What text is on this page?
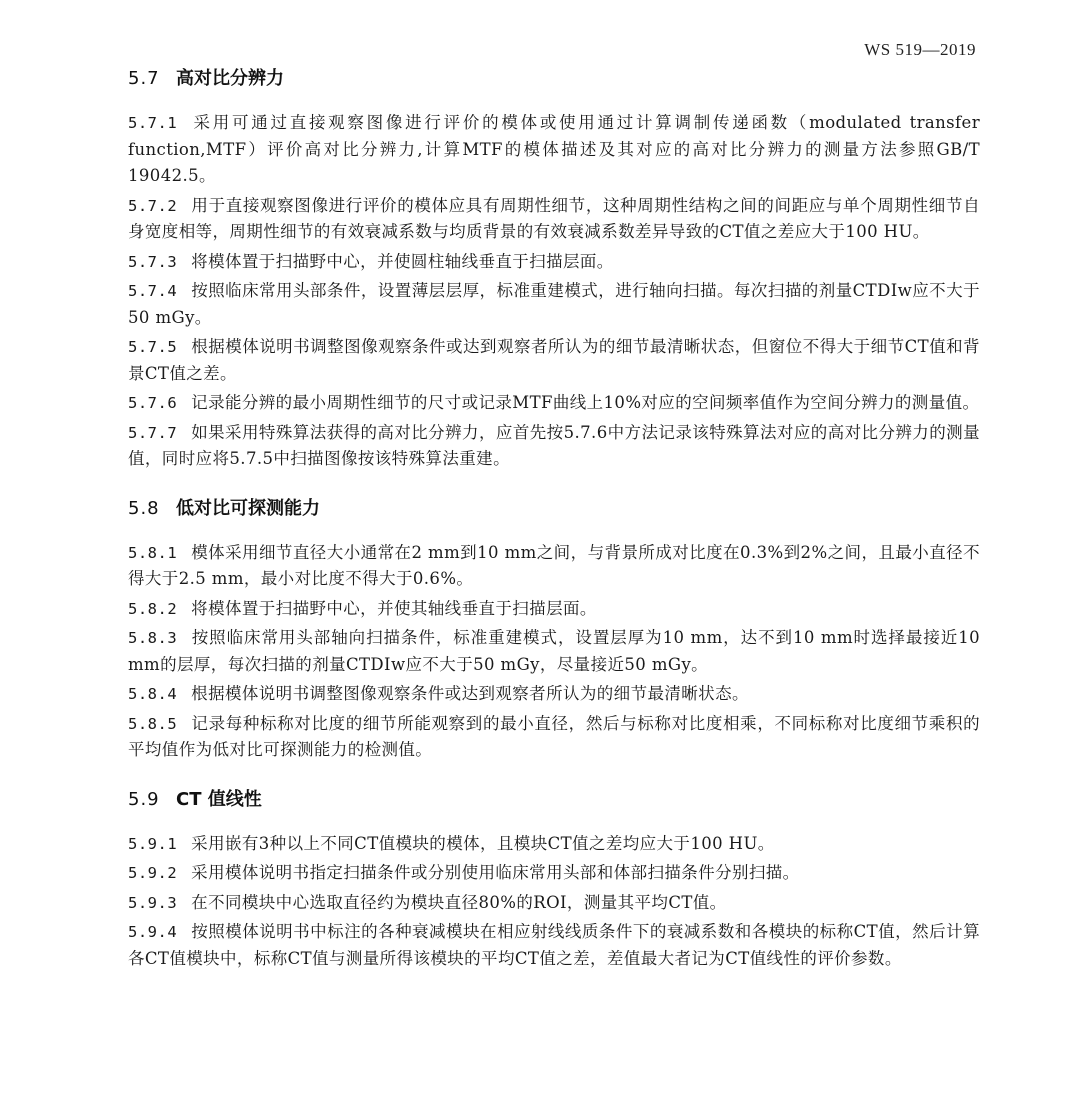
WS 519—2019
5.7 高对比分辨力

5.7.1 采用可通过直接观察图像进行评价的模体或使用通过计算调制传递函数（modulated transfer function,MTF）评价高对比分辨力,计算MTF的模体描述及其对应的高对比分辨力的测量方法参照GB/T 19042.5。

5.7.2 用于直接观察图像进行评价的模体应具有周期性细节，这种周期性结构之间的间距应与单个周期性细节自身宽度相等，周期性细节的有效衰减系数与均质背景的有效衰减系数差异导致的CT值之差应大于100 HU。

5.7.3 将模体置于扫描野中心，并使圆柱轴线垂直于扫描层面。

5.7.4 按照临床常用头部条件，设置薄层层厚，标准重建模式，进行轴向扫描。每次扫描的剂量CTDIw应不大于50 mGy。

5.7.5 根据模体说明书调整图像观察条件或达到观察者所认为的细节最清晰状态，但窗位不得大于细节CT值和背景CT值之差。

5.7.6 记录能分辨的最小周期性细节的尺寸或记录MTF曲线上10%对应的空间频率值作为空间分辨力的测量值。

5.7.7 如果采用特殊算法获得的高对比分辨力，应首先按5.7.6中方法记录该特殊算法对应的高对比分辨力的测量值，同时应将5.7.5中扫描图像按该特殊算法重建。

5.8 低对比可探测能力

5.8.1 模体采用细节直径大小通常在2 mm到10 mm之间，与背景所成对比度在0.3%到2%之间，且最小直径不得大于2.5 mm，最小对比度不得大于0.6%。

5.8.2 将模体置于扫描野中心，并使其轴线垂直于扫描层面。

5.8.3 按照临床常用头部轴向扫描条件，标准重建模式，设置层厚为10 mm，达不到10 mm时选择最接近10 mm的层厚，每次扫描的剂量CTDIw应不大于50 mGy，尽量接近50 mGy。

5.8.4 根据模体说明书调整图像观察条件或达到观察者所认为的细节最清晰状态。

5.8.5 记录每种标称对比度的细节所能观察到的最小直径，然后与标称对比度相乘，不同标称对比度细节乘积的平均值作为低对比可探测能力的检测值。

5.9 CT 值线性

5.9.1 采用嵌有3种以上不同CT值模块的模体，且模块CT值之差均应大于100 HU。

5.9.2 采用模体说明书指定扫描条件或分别使用临床常用头部和体部扫描条件分别扫描。

5.9.3 在不同模块中心选取直径约为模块直径80%的ROI，测量其平均CT值。

5.9.4 按照模体说明书中标注的各种衰减模块在相应射线线质条件下的衰减系数和各模块的标称CT值，然后计算各CT值模块中，标称CT值与测量所得该模块的平均CT值之差，差值最大者记为CT值线性的评价参数。
